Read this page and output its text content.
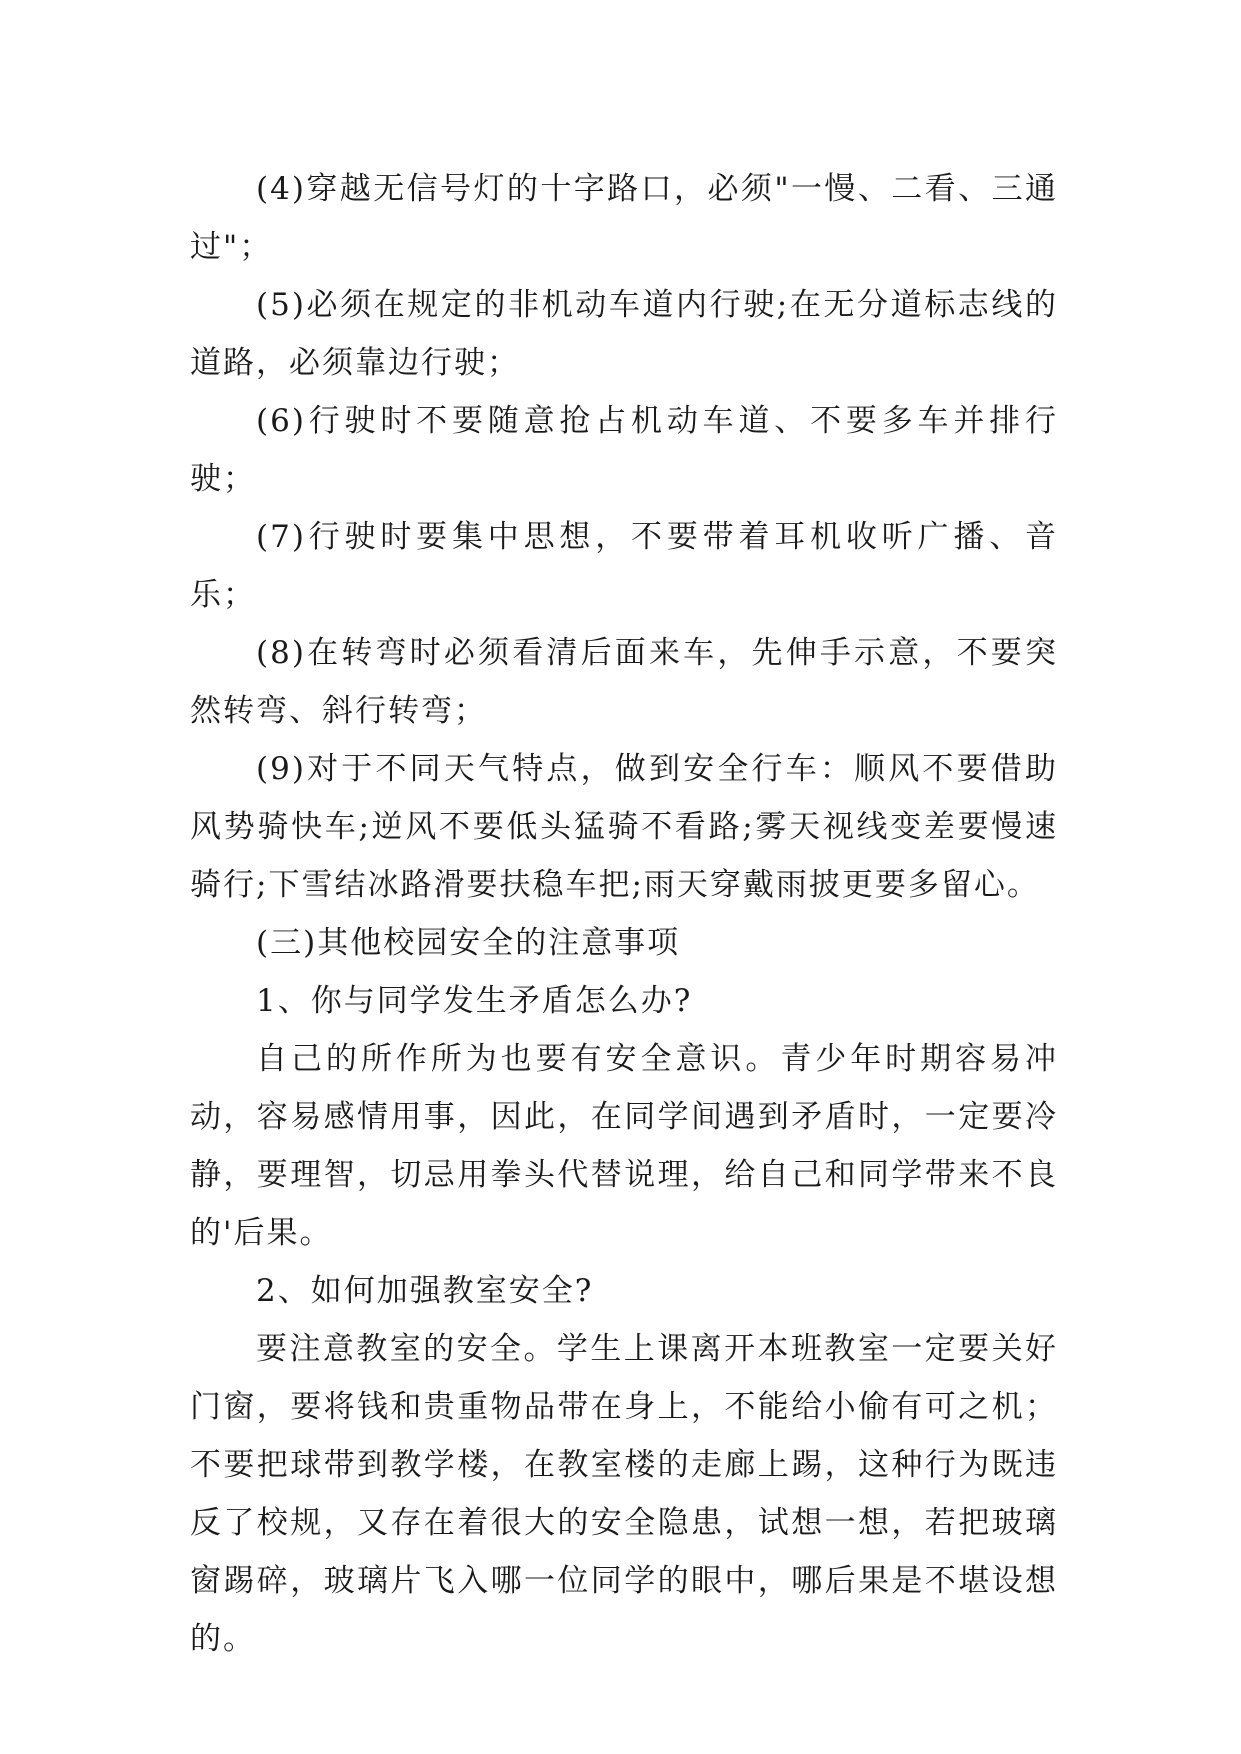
(4)穿越无信号灯的十字路口，必须"一慢、二看、三通过"；

(5)必须在规定的非机动车道内行驶;在无分道标志线的道路，必须靠边行驶；

(6)行驶时不要随意抢占机动车道、不要多车并排行驶；

(7)行驶时要集中思想，不要带着耳机收听广播、音乐；

(8)在转弯时必须看清后面来车，先伸手示意，不要突然转弯、斜行转弯；

(9)对于不同天气特点，做到安全行车：顺风不要借助风势骑快车;逆风不要低头猛骑不看路;雾天视线变差要慢速骑行;下雪结冰路滑要扶稳车把;雨天穿戴雨披更要多留心。

(三)其他校园安全的注意事项

1、你与同学发生矛盾怎么办?

自己的所作所为也要有安全意识。青少年时期容易冲动，容易感情用事，因此，在同学间遇到矛盾时，一定要冷静，要理智，切忌用拳头代替说理，给自己和同学带来不良的'后果。

2、如何加强教室安全?

要注意教室的安全。学生上课离开本班教室一定要关好门窗，要将钱和贵重物品带在身上，不能给小偷有可之机；不要把球带到教学楼，在教室楼的走廊上踢，这种行为既违反了校规，又存在着很大的安全隐患，试想一想，若把玻璃窗踢碎，玻璃片飞入哪一位同学的眼中，哪后果是不堪设想的。
